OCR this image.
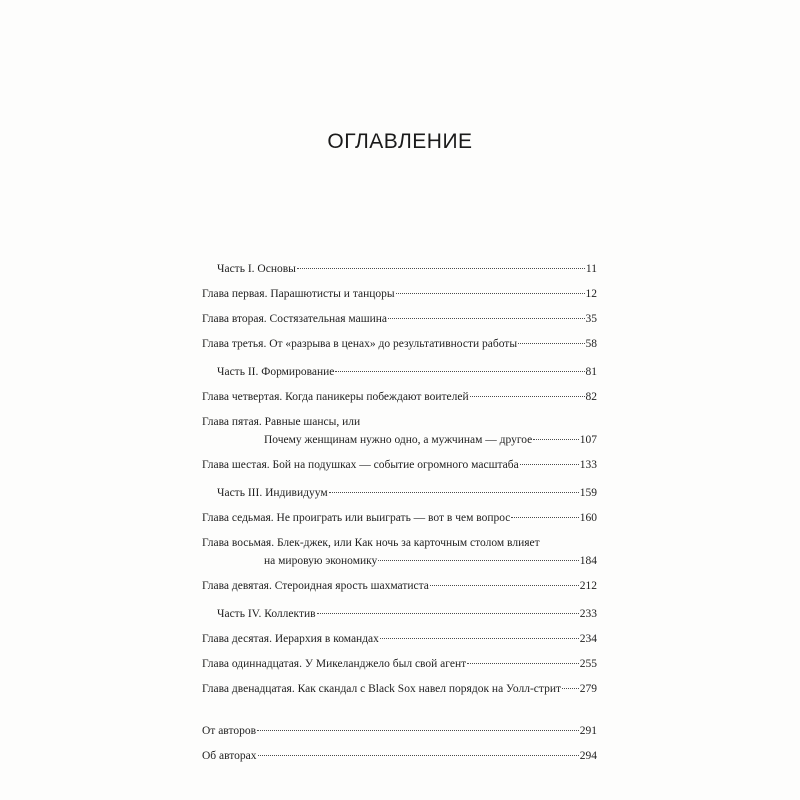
ОГЛАВЛЕНИЕ
Часть I. Основы	11
Глава первая. Парашютисты и танцоры	12
Глава вторая. Состязательная машина	35
Глава третья. От «разрыва в ценах» до результативности работы	58
Часть II. Формирование	81
Глава четвертая. Когда паникеры побеждают воителей	82
Глава пятая. Равные шансы, или
Почему женщинам нужно одно, а мужчинам — другое	107
Глава шестая. Бой на подушках — событие огромного масштаба	133
Часть III. Индивидуум	159
Глава седьмая. Не проиграть или выиграть — вот в чем вопрос	160
Глава восьмая. Блек-джек, или Как ночь за карточным столом влияет
на мировую экономику	184
Глава девятая. Стероидная ярость шахматиста	212
Часть IV. Коллектив	233
Глава десятая. Иерархия в командах	234
Глава одиннадцатая. У Микеланджело был свой агент	255
Глава двенадцатая. Как скандал с Black Sox навел порядок на Уолл-стрит 279
От авторов	291
Об авторах	294
